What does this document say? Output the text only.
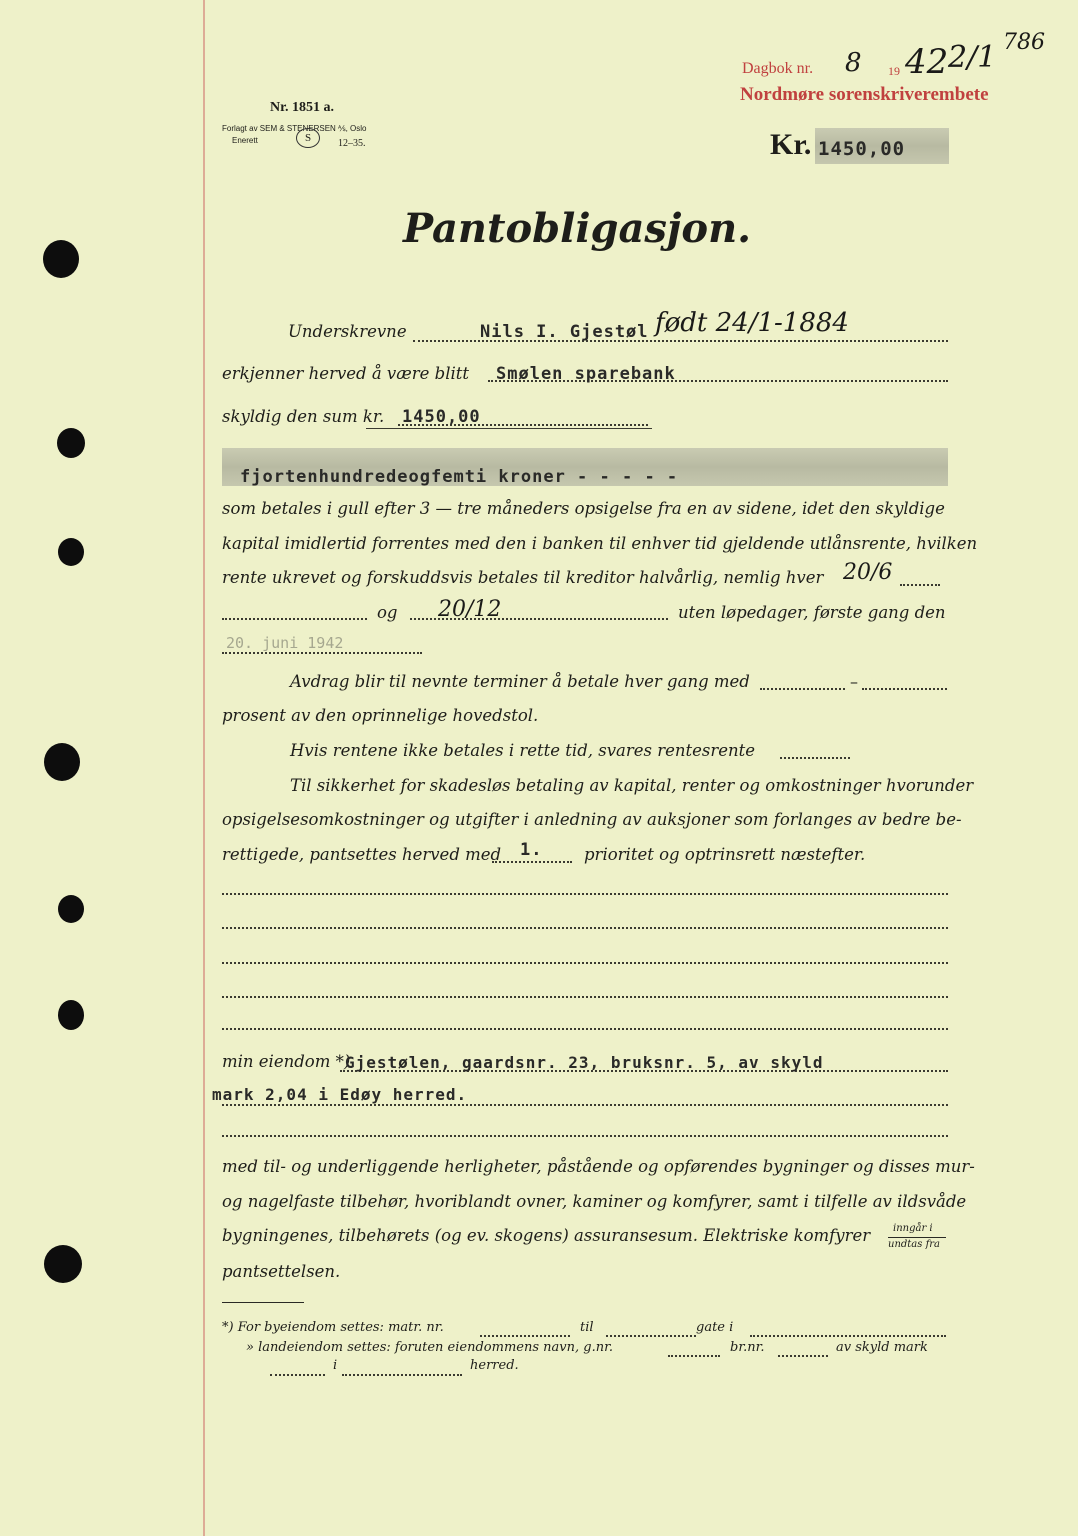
Dagbok nr. 8 19 42 2/1
Nordmøre sorenskriverembete
786
Nr. 1851 a.
Forlagt av SEM & STENERSEN ⅍, Oslo
Enerett	S	12–35.	Kr. 1450,00
Pantobligasjon.
Underskrevne	Nils I. Gjestøl født 24/1-1884
erkjenner herved å være blitt Smølen sparebank
skyldig den sum kr. 1450,00
fjortenhundredeogfemti kroner - - - - -
som betales i gull efter 3 — tre måneders opsigelse fra en av sidene, idet den skyldige
kapital imidlertid forrentes med den i banken til enhver tid gjeldende utlånsrente, hvilken
rente ukrevet og forskuddsvis betales til kreditor halvårlig, nemlig hver 20/6
og 20/12	uten løpedager, første gang den
20. juni 1942
Avdrag blir til nevnte terminer å betale hver gang med	–
prosent av den oprinnelige hovedstol.
Hvis rentene ikke betales i rette tid, svares rentesrente
Til sikkerhet for skadesløs betaling av kapital, renter og omkostninger hvorunder
opsigelsesomkostninger og utgifter i anledning av auksjoner som forlanges av bedre be-
rettigede, pantsettes herved med 1.	prioritet og optrinsrett næstefter.
min eiendom *)
Gjestølen, gaardsnr. 23, bruksnr. 5, av skyld
mark 2,04 i Edøy herred.
med til- og underliggende herligheter, påstående og opførendes bygninger og disses mur-
og nagelfaste tilbehør, hvoriblandt ovner, kaminer og komfyrer, samt i tilfelle av ildsvåde
bygningenes, tilbehørets (og ev. skogens) assuransesum. Elektriske komfyrer inngår i
undtas fra
pantsettelsen.
*) For byeiendom settes: matr. nr.	til	gate i
» landeiendom settes: foruten eiendommens navn, g.nr.	br.nr.	av skyld mark
i	herred.
